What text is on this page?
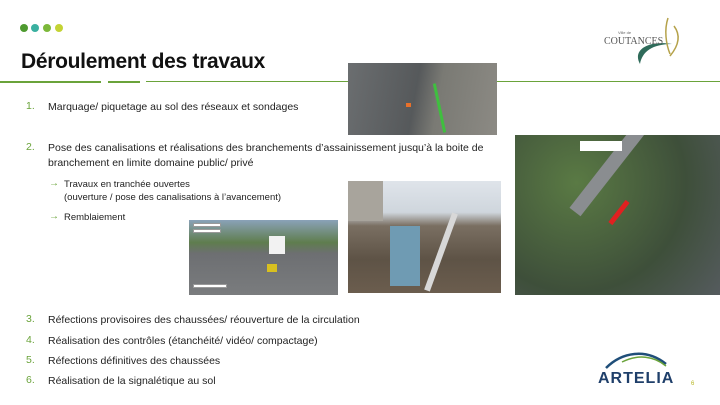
Déroulement des travaux
Ville de
COUTANCES
1. Marquage/ piquetage au sol des réseaux et sondages
2. Pose des canalisations et réalisations des branchements d’assainissement jusqu’à la boite de
branchement en limite domaine public/ privé
→ Travaux en tranchée ouvertes
(ouverture / pose des canalisations à l’avancement)
→ Remblaiement
3. Réfections provisoires des chaussées/ réouverture de la circulation
4. Réalisation des contrôles (étanchéité/ vidéo/ compactage)
5. Réfections définitives des chaussées
6. Réalisation de la signalétique au sol	ARTELIA	6
